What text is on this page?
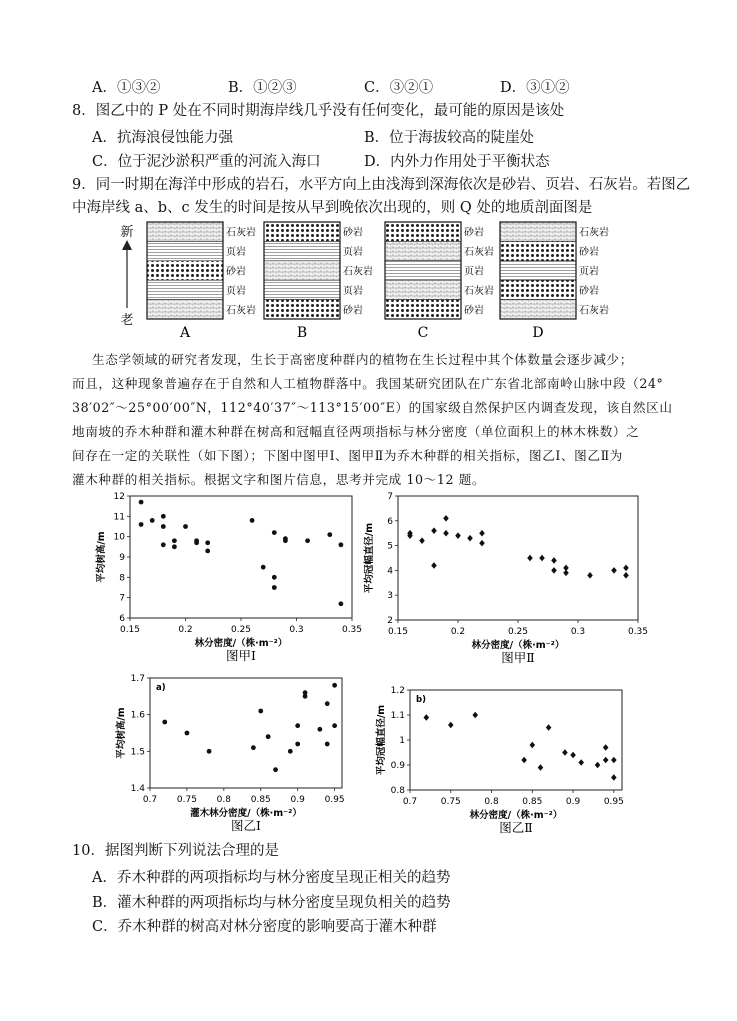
A．①③②	B．①②③	C．③②①	D．③①②
8．图乙中的 P 处在不同时期海岸线几乎没有任何变化，最可能的原因是该处
A．抗海浪侵蚀能力强	B．位于海拔较高的陡崖处
C．位于泥沙淤积严重的河流入海口	D．内外力作用处于平衡状态
9．同一时期在海洋中形成的岩石，水平方向上由浅海到深海依次是砂岩、页岩、石灰岩。若图乙
中海岸线 a、b、c 发生的时间是按从早到晚依次出现的，则 Q 处的地质剖面图是
新
老
石灰岩
页岩
砂岩
页岩
石灰岩
A
砂岩
页岩
石灰岩
页岩
砂岩
B
砂岩
石灰岩
页岩
石灰岩
砂岩
C
石灰岩
砂岩
页岩
砂岩
石灰岩
D
生态学领域的研究者发现，生长于高密度种群内的植物在生长过程中其个体数量会逐步减少；
而且，这种现象普遍存在于自然和人工植物群落中。我国某研究团队在广东省北部南岭山脉中段（24°
38′02″～25°00′00″N，112°40′37″～113°15′00″E）的国家级自然保护区内调查发现，该自然区山
地南坡的乔木种群和灌木种群在树高和冠幅直径两项指标与林分密度（单位面积上的林木株数）之
间存在一定的关联性（如下图）；下图中图甲Ⅰ、图甲Ⅱ为乔木种群的相关指标，图乙Ⅰ、图乙Ⅱ为
灌木种群的相关指标。根据文字和图片信息，思考并完成 10～12 题。
0.15	0.2	0.25	0.3	0.35
6
7
8
9
10
11
12
林分密度/（株·m⁻²）
平均树高/m
图甲Ⅰ
0.15	0.2	0.25	0.3	0.35
2
3
4
5
6
7
林分密度/（株·m⁻²）
平均冠幅直径/m
图甲Ⅱ
0.7 0.75 0.8 0.85 0.9 0.95
1.4
1.5
1.6
1.7
灌木林分密度/（株·m⁻²）
平均树高/m
a)
图乙Ⅰ
0.7	0.75	0.8	0.85	0.9	0.95
0.8
0.9
1
1.1
1.2
林分密度/（株·m⁻²）
平均冠幅直径/m
b)
图乙Ⅱ
10．据图判断下列说法合理的是
A．乔木种群的两项指标均与林分密度呈现正相关的趋势
B．灌木种群的两项指标均与林分密度呈现负相关的趋势
C．乔木种群的树高对林分密度的影响要高于灌木种群
